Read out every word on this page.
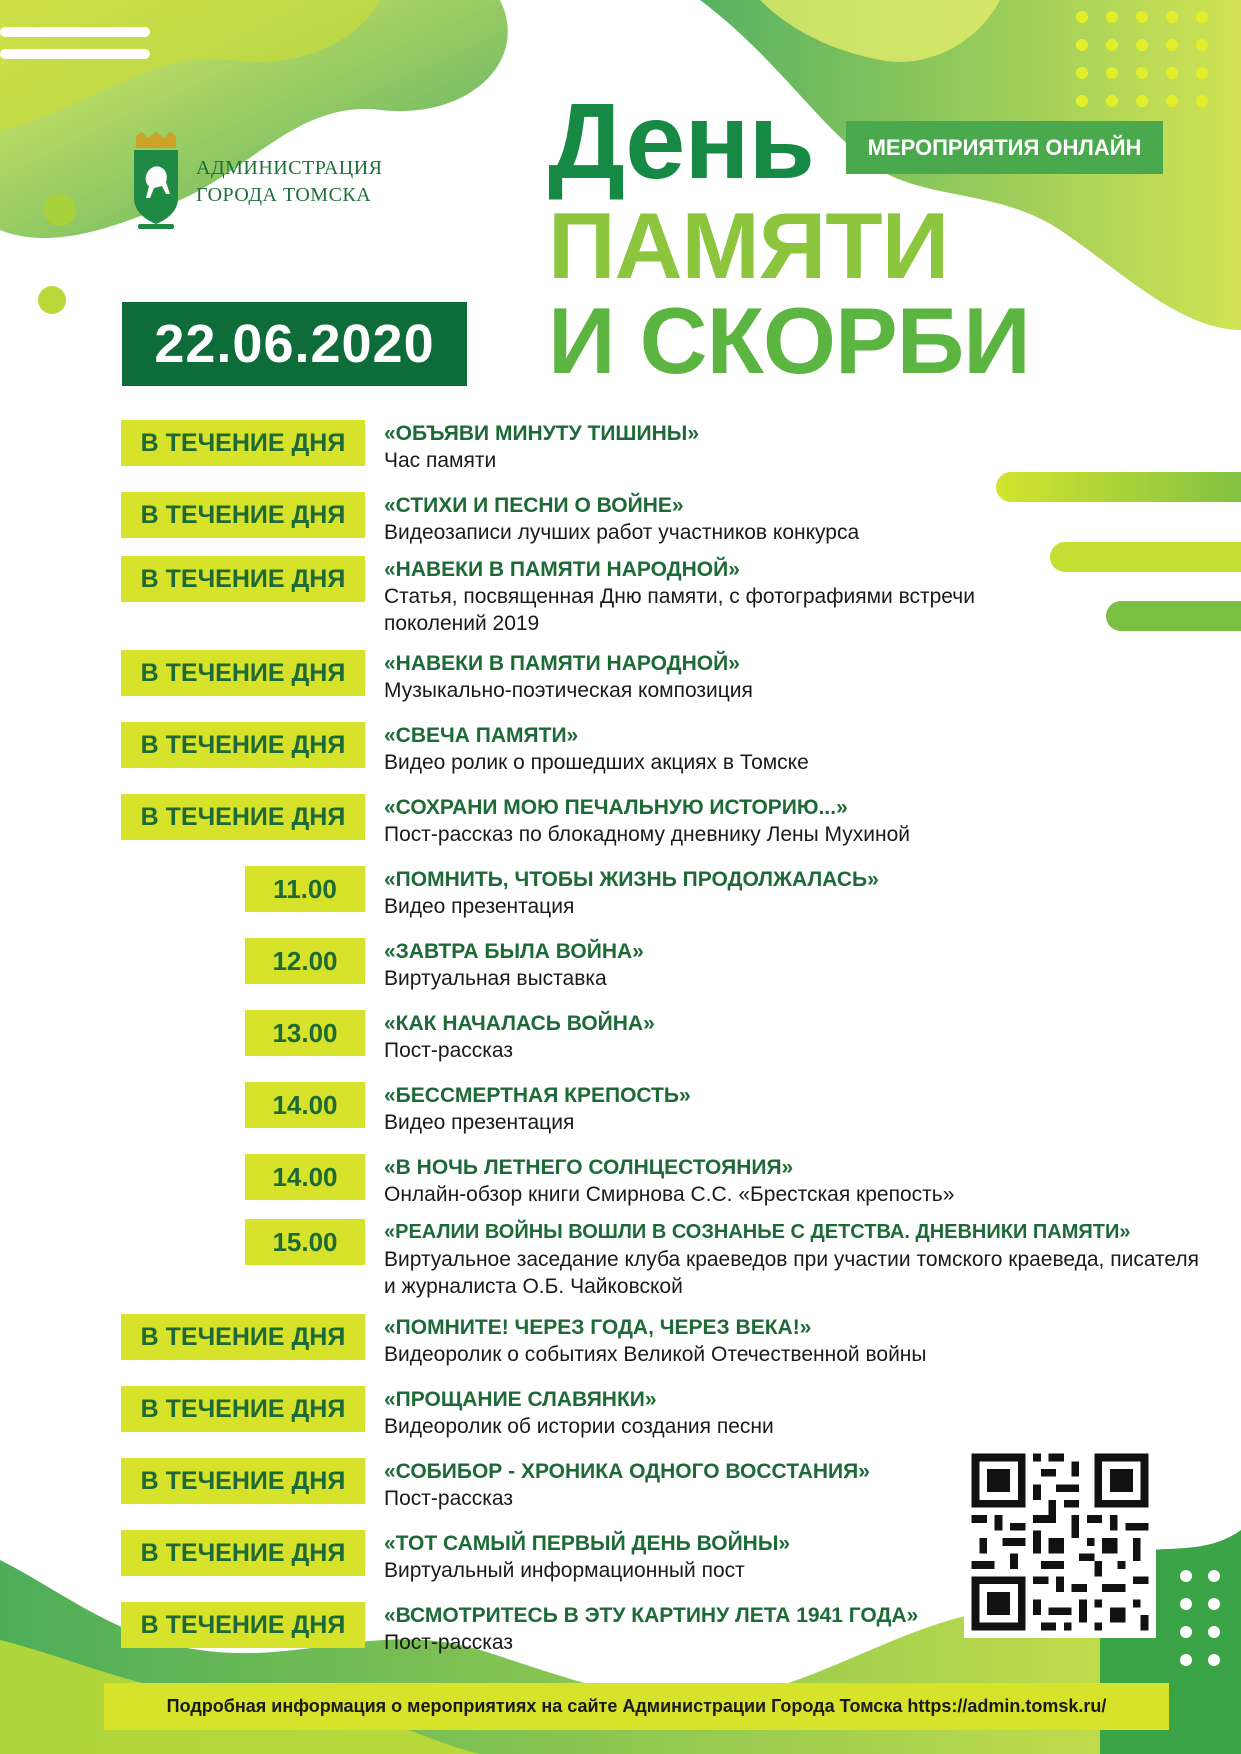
АДМИНИСТРАЦИЯ
ГОРОДА ТОМСКА День	МЕРОПРИЯТИЯ ОНЛАЙН
ПАМЯТИ
И СКОРБИ
22.06.2020
В ТЕЧЕНИЕ ДНЯ	«ОБЪЯВИ МИНУТУ ТИШИНЫ»
Час памяти
В ТЕЧЕНИЕ ДНЯ	«СТИХИ И ПЕСНИ О ВОЙНЕ»
Видеозаписи лучших работ участников конкурса
В ТЕЧЕНИЕ ДНЯ	«НАВЕКИ В ПАМЯТИ НАРОДНОЙ»
Статья, посвященная Дню памяти, с фотографиями встречи поколений 2019
В ТЕЧЕНИЕ ДНЯ	«НАВЕКИ В ПАМЯТИ НАРОДНОЙ»
Музыкально-поэтическая композиция
В ТЕЧЕНИЕ ДНЯ	«СВЕЧА ПАМЯТИ»
Видео ролик о прошедших акциях в Томске
В ТЕЧЕНИЕ ДНЯ	«СОХРАНИ МОЮ ПЕЧАЛЬНУЮ ИСТОРИЮ...»
Пост-рассказ по блокадному дневнику Лены Мухиной
11.00	«ПОМНИТЬ, ЧТОБЫ ЖИЗНЬ ПРОДОЛЖАЛАСЬ»
Видео презентация
12.00	«ЗАВТРА БЫЛА ВОЙНА»
Виртуальная выставка
13.00	«КАК НАЧАЛАСЬ ВОЙНА»
Пост-рассказ
14.00	«БЕССМЕРТНАЯ КРЕПОСТЬ»
Видео презентация
14.00	«В НОЧЬ ЛЕТНЕГО СОЛНЦЕСТОЯНИЯ»
Онлайн-обзор книги Смирнова С.С. «Брестская крепость»
15.00	«РЕАЛИИ ВОЙНЫ ВОШЛИ В СОЗНАНЬЕ С ДЕТСТВА. ДНЕВНИКИ ПАМЯТИ»
Виртуальное заседание клуба краеведов при участии томского краеведа, писателя и журналиста О.Б. Чайковской
В ТЕЧЕНИЕ ДНЯ	«ПОМНИТЕ! ЧЕРЕЗ ГОДА, ЧЕРЕЗ ВЕКА!»
Видеоролик о событиях Великой Отечественной войны
В ТЕЧЕНИЕ ДНЯ	«ПРОЩАНИЕ СЛАВЯНКИ»
Видеоролик об истории создания песни
В ТЕЧЕНИЕ ДНЯ	«СОБИБОР - ХРОНИКА ОДНОГО ВОССТАНИЯ»
Пост-рассказ
В ТЕЧЕНИЕ ДНЯ	«ТОТ САМЫЙ ПЕРВЫЙ ДЕНЬ ВОЙНЫ»
Виртуальный информационный пост
В ТЕЧЕНИЕ ДНЯ	«ВСМОТРИТЕСЬ В ЭТУ КАРТИНУ ЛЕТА 1941 ГОДА»
Пост-рассказ
Подробная информация о мероприятиях на сайте Администрации Города Томска https://admin.tomsk.ru/
